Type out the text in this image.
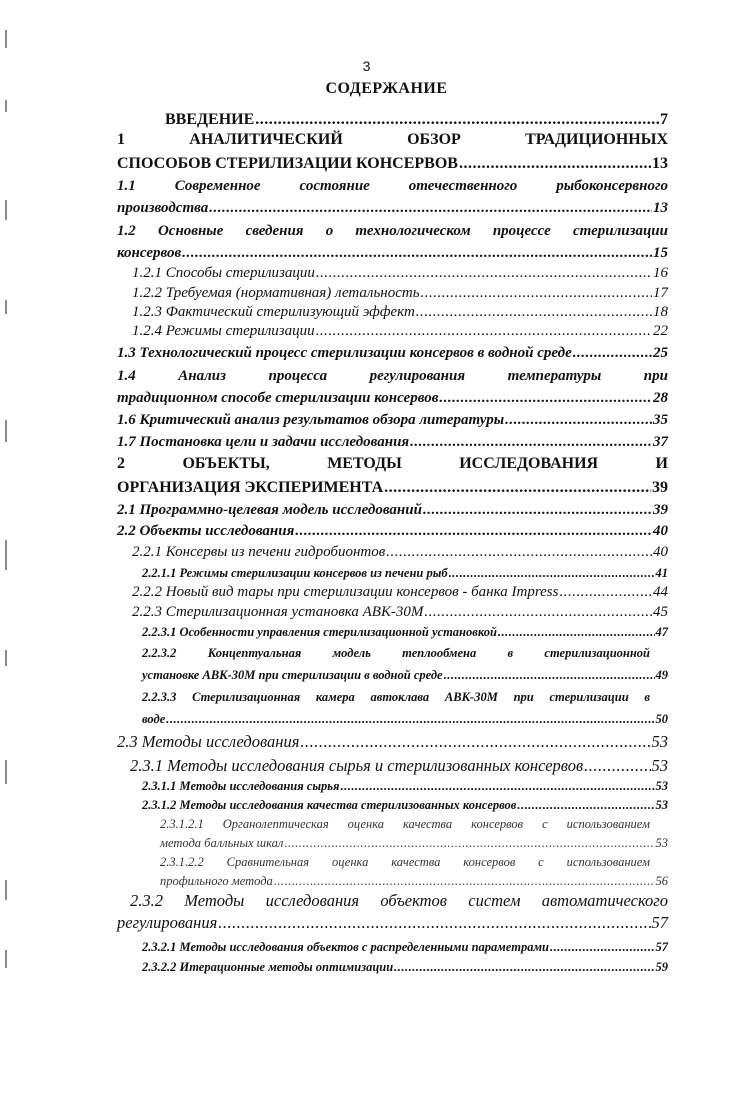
3
СОДЕРЖАНИЕ
ВВЕДЕНИЕ .....	7
1 АНАЛИТИЧЕСКИЙ ОБЗОР ТРАДИЦИОННЫХ
СПОСОБОВ СТЕРИЛИЗАЦИИ КОНСЕРВОВ .....	13
1.1 Современное состояние отечественного рыбоконсервного
производства .....	13
1.2 Основные сведения о технологическом процессе стерилизации
консервов .....	15
1.2.1 Способы стерилизации .....	16
1.2.2 Требуемая (нормативная) летальность .....	17
1.2.3 Фактический стерилизующий эффект .....	18
1.2.4 Режимы стерилизации .....	22
1.3 Технологический процесс стерилизации консервов в водной среде .....	25
1.4 Анализ процесса регулирования температуры при
традиционном способе стерилизации консервов .....	28
1.6 Критический анализ результатов обзора литературы .....	35
1.7 Постановка цели и задачи исследования .....	37
2 ОБЪЕКТЫ, МЕТОДЫ ИССЛЕДОВАНИЯ И
ОРГАНИЗАЦИЯ ЭКСПЕРИМЕНТА .....	39
2.1 Программно-целевая модель исследований .....	39
2.2 Объекты исследования .....	40
2.2.1 Консервы из печени гидробионтов .....	40
2.2.1.1 Режимы стерилизации консервов из печени рыб .....	41
2.2.2 Новый вид тары при стерилизации консервов - банка Impress .....	44
2.2.3 Стерилизационная установка АВК-30М .....	45
2.2.3.1 Особенности управления стерилизационной установкой .....	47
2.2.3.2 Концептуальная модель теплообмена в стерилизационной
установке АВК-30М при стерилизации в водной среде .....	49
2.2.3.3 Стерилизационная камера автоклава АВК-30М при стерилизации в
воде .....	50
2.3 Методы исследования .....	53
2.3.1 Методы исследования сырья и стерилизованных консервов .....	53
2.3.1.1 Методы исследования сырья .....	53
2.3.1.2 Методы исследования качества стерилизованных консервов .....	53
2.3.1.2.1 Органолептическая оценка качества консервов с использованием
метода балльных шкал .....	53
2.3.1.2.2 Сравнительная оценка качества консервов с использованием
профильного метода .....	56
2.3.2 Методы исследования объектов систем автоматического
регулирования .....	57
2.3.2.1 Методы исследования объектов с распределенными параметрами .....	57
2.3.2.2 Итерационные методы оптимизации .....	59
